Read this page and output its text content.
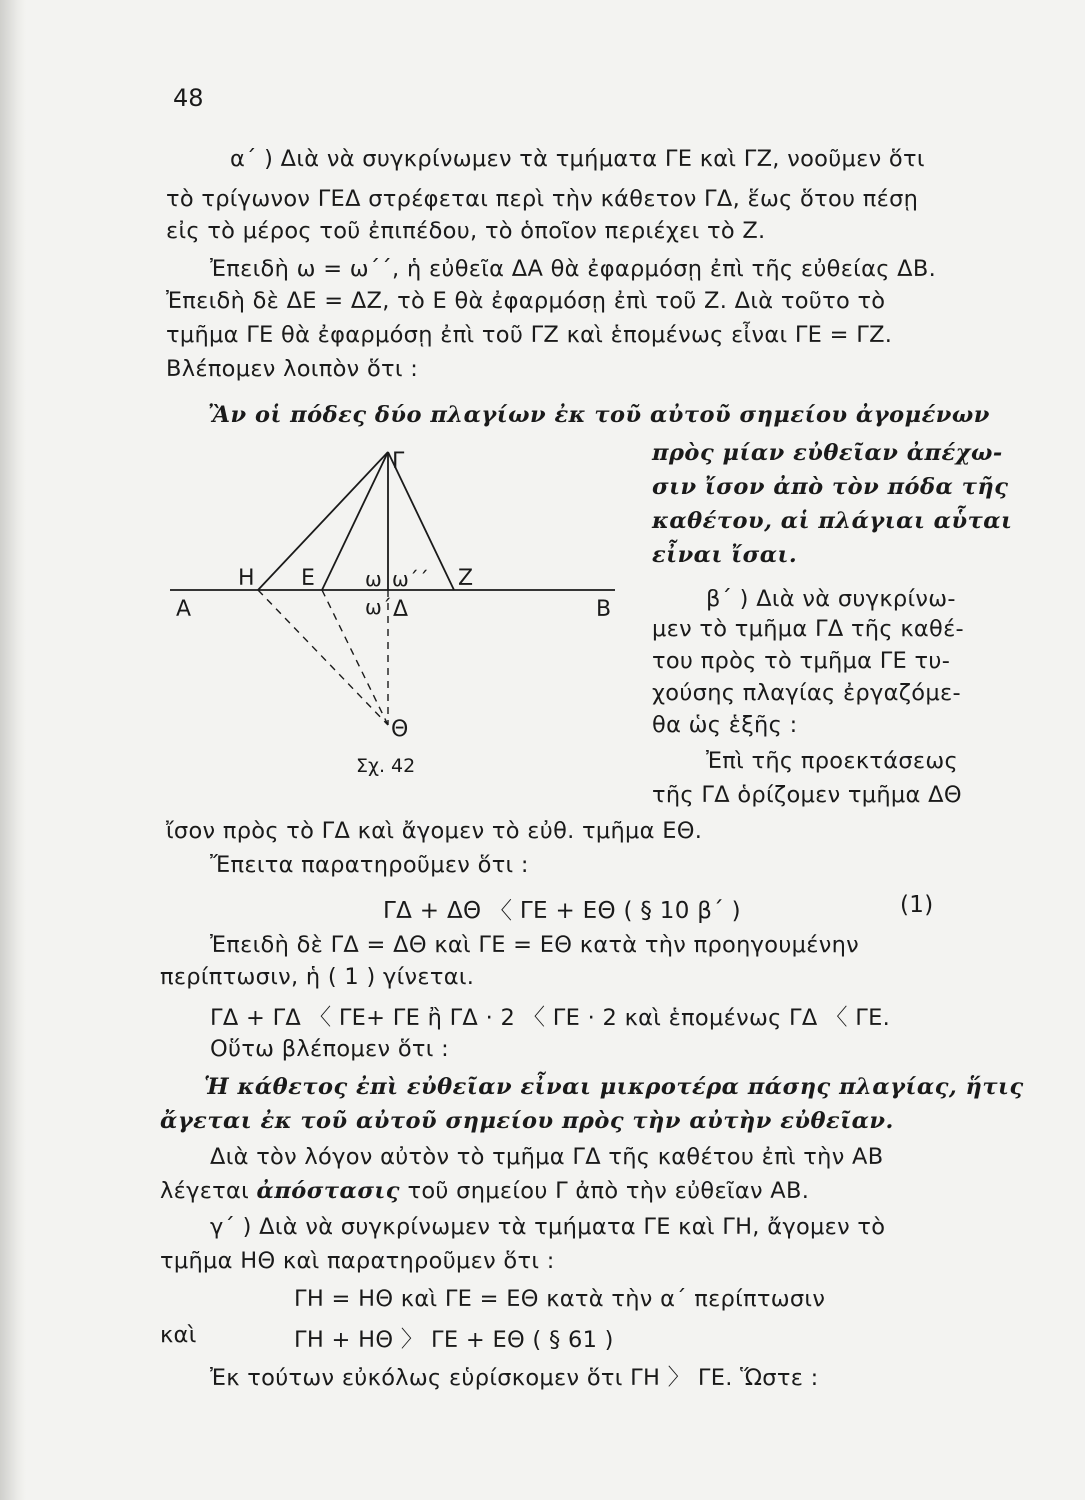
48
α΄ ) Διὰ νὰ συγκρίνωμεν τὰ τμήματα ΓΕ καὶ ΓΖ, νοοῦμεν ὅτι
τὸ τρίγωνον ΓΕΔ στρέφεται περὶ τὴν κάθετον ΓΔ, ἕως ὅτου πέσῃ
εἰς τὸ μέρος τοῦ ἐπιπέδου, τὸ ὁποῖον περιέχει τὸ Ζ.
Ἐπειδὴ ω = ω΄΄, ἡ εὐθεῖα ΔΑ θὰ ἐφαρμόσῃ ἐπὶ τῆς εὐθείας ΔΒ.
Ἐπειδὴ δὲ ΔΕ = ΔΖ, τὸ Ε θὰ ἐφαρμόσῃ ἐπὶ τοῦ Ζ. Διὰ τοῦτο τὸ
τμῆμα ΓΕ θὰ ἐφαρμόσῃ ἐπὶ τοῦ ΓΖ καὶ ἑπομένως εἶναι ΓΕ = ΓΖ.
Βλέπομεν λοιπὸν ὅτι :
Ἂν οἱ πόδες δύο πλαγίων ἐκ τοῦ αὐτοῦ σημείου ἀγομένων
πρὸς μίαν εὐθεῖαν ἀπέχω-
σιν ἴσον ἀπὸ τὸν πόδα τῆς
καθέτου, αἱ πλάγιαι αὗται
εἶναι ἴσαι.
β΄ ) Διὰ νὰ συγκρίνω-
μεν τὸ τμῆμα ΓΔ τῆς καθέ-
του πρὸς τὸ τμῆμα ΓΕ τυ-
χούσης πλαγίας ἐργαζόμε-
θα ὡς ἑξῆς :
Ἐπὶ τῆς προεκτάσεως
τῆς ΓΔ ὁρίζομεν τμῆμα ΔΘ
Γ
Η Ε	ω ω΄΄ Ζ
Α	ω΄ Δ	Β
Θ
Σχ. 42
ἴσον πρὸς τὸ ΓΔ καὶ ἄγομεν τὸ εὐθ. τμῆμα ΕΘ.
Ἔπειτα παρατηροῦμεν ὅτι :
ΓΔ + ΔΘ 〈 ΓΕ + ΕΘ ( § 10 β΄ )	(1)
Ἐπειδὴ δὲ ΓΔ = ΔΘ καὶ ΓΕ = ΕΘ κατὰ τὴν προηγουμένην
περίπτωσιν, ἡ ( 1 ) γίνεται.
ΓΔ + ΓΔ 〈 ΓΕ+ ΓΕ ἢ ΓΔ · 2 〈 ΓΕ · 2 καὶ ἑπομένως ΓΔ 〈 ΓΕ.
Οὕτω βλέπομεν ὅτι :
Ἡ κάθετος ἐπὶ εὐθεῖαν εἶναι μικροτέρα πάσης πλαγίας, ἥτις
ἄγεται ἐκ τοῦ αὐτοῦ σημείου πρὸς τὴν αὐτὴν εὐθεῖαν.
Διὰ τὸν λόγον αὐτὸν τὸ τμῆμα ΓΔ τῆς καθέτου ἐπὶ τὴν ΑΒ
λέγεται ἀπόστασις τοῦ σημείου Γ ἀπὸ τὴν εὐθεῖαν ΑΒ.
γ΄ ) Διὰ νὰ συγκρίνωμεν τὰ τμήματα ΓΕ καὶ ΓΗ, ἄγομεν τὸ
τμῆμα ΗΘ καὶ παρατηροῦμεν ὅτι :
ΓΗ = ΗΘ καὶ ΓΕ = ΕΘ κατὰ τὴν α΄ περίπτωσιν
καὶ	ΓΗ + ΗΘ 〉 ΓΕ + ΕΘ ( § 61 )
Ἐκ τούτων εὐκόλως εὑρίσκομεν ὅτι ΓΗ 〉 ΓΕ. Ὥστε :
